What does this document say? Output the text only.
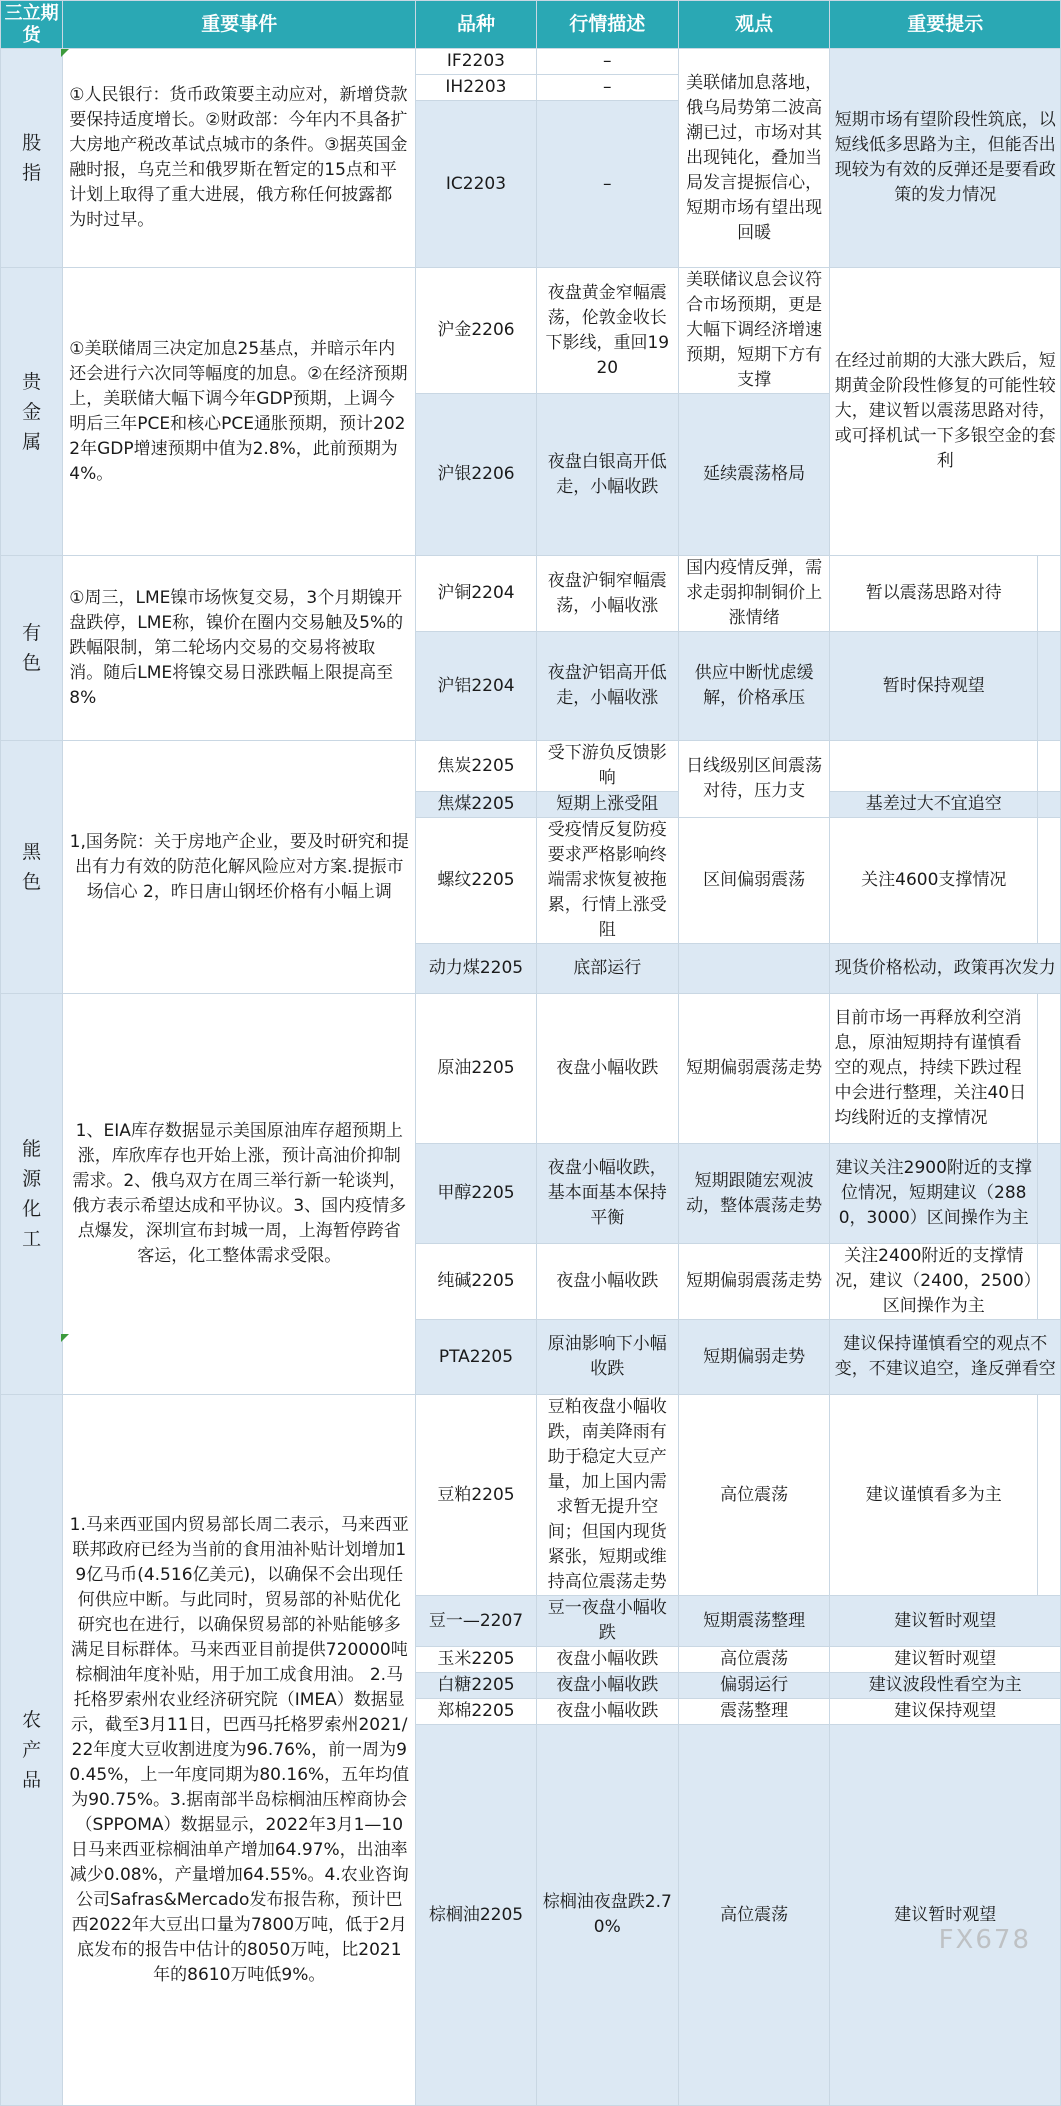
三立期货	重要事件	品种	行情描述	观点	重要提示	
股指	①人民银行：货币政策要主动应对，新增贷款要保持适度增长。②财政部：今年内不具备扩大房地产税改革试点城市的条件。③据英国金融时报，乌克兰和俄罗斯在暂定的15点和平计划上取得了重大进展，俄方称任何披露都为时过早。	IF2203	–	美联储加息落地，俄乌局势第二波高潮已过，市场对其出现钝化，叠加当局发言提振信心，短期市场有望出现回暖	短期市场有望阶段性筑底，以短线低多思路为主，但能否出现较为有效的反弹还是要看政策的发力情况	
		IH2203	–			
		IC2203	–			
贵金属	①美联储周三决定加息25基点，并暗示年内还会进行六次同等幅度的加息。②在经济预期上，美联储大幅下调今年GDP预期，上调今明后三年PCE和核心PCE通胀预期，预计2022年GDP增速预期中值为2.8%，此前预期为4%。	沪金2206	夜盘黄金窄幅震荡，伦敦金收长下影线，重回1920	美联储议息会议符合市场预期，更是大幅下调经济增速预期，短期下方有支撑	在经过前期的大涨大跌后，短期黄金阶段性修复的可能性较大，建议暂以震荡思路对待，或可择机试一下多银空金的套利	
		沪银2206	夜盘白银高开低走，小幅收跌	延续震荡格局		
有色	①周三，LME镍市场恢复交易，3个月期镍开盘跌停，LME称，镍价在圈内交易触及5%的跌幅限制，第二轮场内交易的交易将被取消。随后LME将镍交易日涨跌幅上限提高至8%	沪铜2204	夜盘沪铜窄幅震荡，小幅收涨	国内疫情反弹，需求走弱抑制铜价上涨情绪	暂以震荡思路对待	
		沪铝2204	夜盘沪铝高开低走，小幅收涨	供应中断忧虑缓解，价格承压	暂时保持观望	
黑色	1,国务院：关于房地产企业，要及时研究和提出有力有效的防范化解风险应对方案.提振市场信心 2，昨日唐山钢坯价格有小幅上调	焦炭2205	受下游负反馈影响	日线级别区间震荡对待，压力支		
		焦煤2205	短期上涨受阻		基差过大不宜追空	
		螺纹2205	受疫情反复防疫要求严格影响终端需求恢复被拖累，行情上涨受阻	区间偏弱震荡	关注4600支撑情况	
		动力煤2205	底部运行		现货价格松动，政策再次发力	
能源化工	1、EIA库存数据显示美国原油库存超预期上涨，库欣库存也开始上涨，预计高油价抑制需求。2、俄乌双方在周三举行新一轮谈判，俄方表示希望达成和平协议。3、国内疫情多点爆发，深圳宣布封城一周，上海暂停跨省客运，化工整体需求受限。	原油2205	夜盘小幅收跌	短期偏弱震荡走势	目前市场一再释放利空消息，原油短期持有谨慎看空的观点，持续下跌过程中会进行整理，关注40日均线附近的支撑情况	
		甲醇2205	夜盘小幅收跌，基本面基本保持平衡	短期跟随宏观波动，整体震荡走势	建议关注2900附近的支撑位情况，短期建议（2880，3000）区间操作为主	
		纯碱2205	夜盘小幅收跌	短期偏弱震荡走势	关注2400附近的支撑情况，建议（2400，2500）区间操作为主	
		PTA2205	原油影响下小幅收跌	短期偏弱走势	建议保持谨慎看空的观点不变，不建议追空，逢反弹看空	
农产品	1.马来西亚国内贸易部长周二表示，马来西亚联邦政府已经为当前的食用油补贴计划增加19亿马币(4.516亿美元)，以确保不会出现任何供应中断。与此同时，贸易部的补贴优化研究也在进行，以确保贸易部的补贴能够多满足目标群体。马来西亚目前提供720000吨棕榈油年度补贴，用于加工成食用油。 2.马托格罗索州农业经济研究院（IMEA）数据显示，截至3月11日，巴西马托格罗索州2021/22年度大豆收割进度为96.76%，前一周为90.45%，上一年度同期为80.16%，五年均值为90.75%。3.据南部半岛棕榈油压榨商协会（SPPOMA）数据显示，2022年3月1—10日马来西亚棕榈油单产增加64.97%，出油率减少0.08%，产量增加64.55%。4.农业咨询公司Safras&Mercado发布报告称，预计巴西2022年大豆出口量为7800万吨，低于2月底发布的报告中估计的8050万吨，比2021年的8610万吨低9%。	豆粕2205	豆粕夜盘小幅收跌，南美降雨有助于稳定大豆产量，加上国内需求暂无提升空间；但国内现货紧张，短期或维持高位震荡走势	高位震荡	建议谨慎看多为主	
		豆一—2207	豆一夜盘小幅收跌	短期震荡整理	建议暂时观望	
		玉米2205	夜盘小幅收跌	高位震荡	建议暂时观望	
		白糖2205	夜盘小幅收跌	偏弱运行	建议波段性看空为主	
		郑棉2205	夜盘小幅收跌	震荡整理	建议保持观望	
		棕榈油2205	棕榈油夜盘跌2.70%	高位震荡	建议暂时观望	
FX678
